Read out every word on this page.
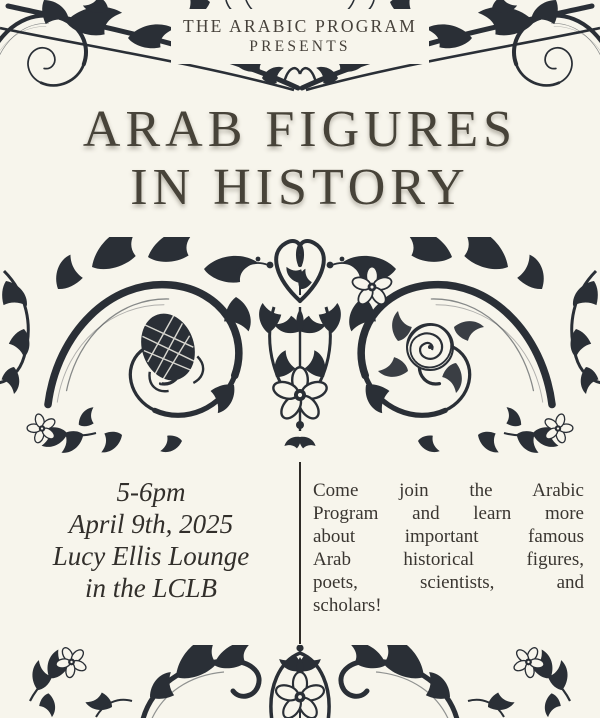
THE ARABIC PROGRAM
PRESENTS
ARAB FIGURES
IN HISTORY
5-6pm
April 9th, 2025
Lucy Ellis Lounge
in the LCLB
Come join the Arabic
Program and learn more
about important famous
Arab historical figures,
poets, scientists, and
scholars!
